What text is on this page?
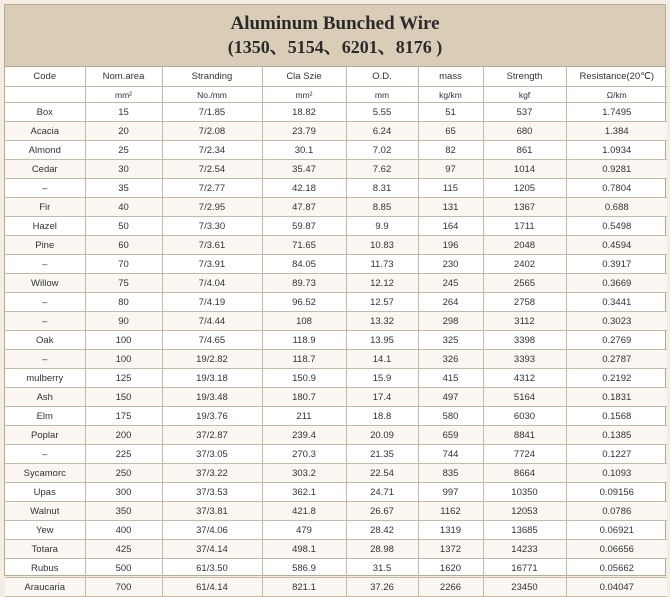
Aluminum Bunched Wire
(1350、5154、6201、8176 )
Code	Nom.area	Stranding	Cla Szie	O.D.	mass	Strength	Resistance(20℃)
	mm²	No./mm	mm²	mm	kg/km	kgf	Ω/km
Box	15	7/1.85	18.82	5.55	51	537	1.7495
Acacia	20	7/2.08	23.79	6.24	65	680	1.384
Almond	25	7/2.34	30.1	7.02	82	861	1.0934
Cedar	30	7/2.54	35.47	7.62	97	1014	0.9281
–	35	7/2.77	42.18	8.31	115	1205	0.7804
Fir	40	7/2.95	47.87	8.85	131	1367	0.688
Hazel	50	7/3.30	59.87	9.9	164	1711	0.5498
Pine	60	7/3.61	71.65	10.83	196	2048	0.4594
–	70	7/3.91	84.05	11.73	230	2402	0.3917
Willow	75	7/4.04	89.73	12.12	245	2565	0.3669
–	80	7/4.19	96.52	12.57	264	2758	0.3441
–	90	7/4.44	108	13.32	298	3112	0.3023
Oak	100	7/4.65	118.9	13.95	325	3398	0.2769
–	100	19/2.82	118.7	14.1	326	3393	0.2787
mulberry	125	19/3.18	150.9	15.9	415	4312	0.2192
Ash	150	19/3.48	180.7	17.4	497	5164	0.1831
Elm	175	19/3.76	211	18.8	580	6030	0.1568
Poplar	200	37/2.87	239.4	20.09	659	8841	0.1385
–	225	37/3.05	270.3	21.35	744	7724	0.1227
Sycamorc	250	37/3.22	303.2	22.54	835	8664	0.1093
Upas	300	37/3.53	362.1	24.71	997	10350	0.09156
Walnut	350	37/3.81	421.8	26.67	1162	12053	0.0786
Yew	400	37/4.06	479	28.42	1319	13685	0.06921
Totara	425	37/4.14	498.1	28.98	1372	14233	0.06656
Rubus	500	61/3.50	586.9	31.5	1620	16771	0.05662
Araucaria	700	61/4.14	821.1	37.26	2266	23450	0.04047
